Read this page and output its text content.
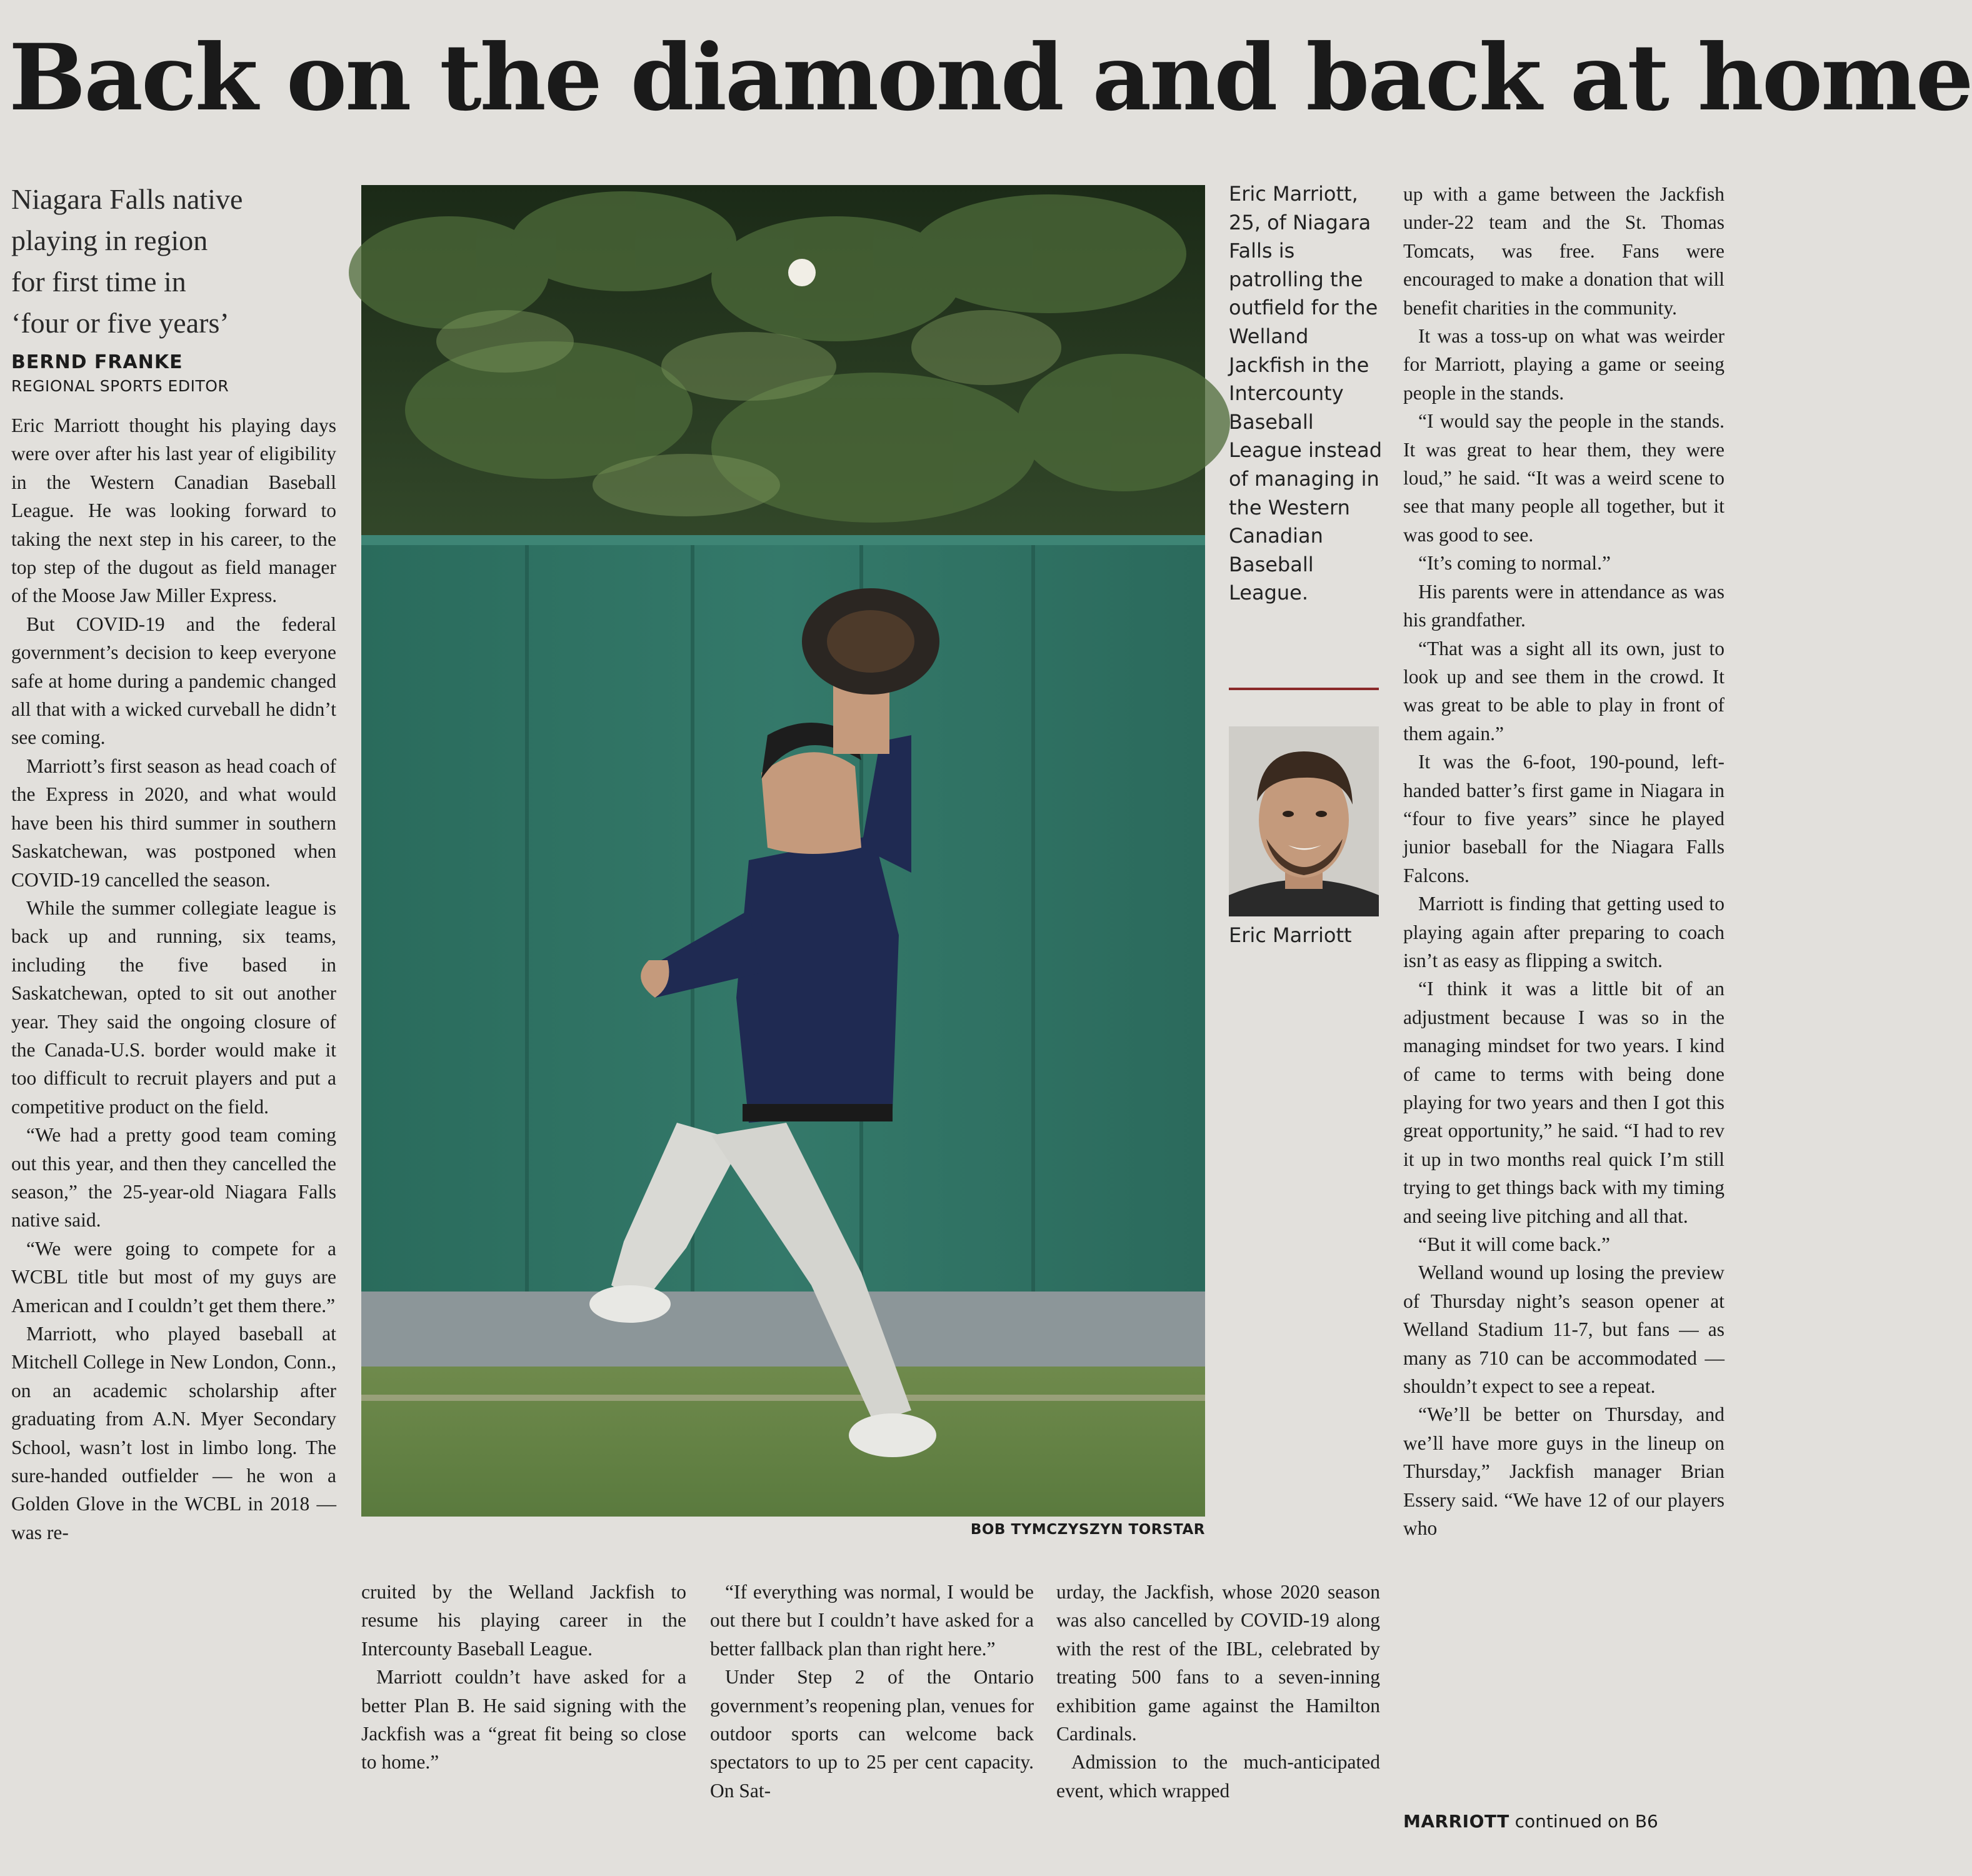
Back on the diamond and back at home
Niagara Falls native
playing in region
for first time in
‘four or five years’
BERND FRANKE
REGIONAL SPORTS EDITOR

Eric Marriott thought his playing days were over after his last year of eligibility in the Western Canadian Baseball League. He was looking forward to taking the next step in his career, to the top step of the dugout as field manager of the Moose Jaw Miller Express.

But COVID-19 and the federal government’s decision to keep everyone safe at home during a pandemic changed all that with a wicked curveball he didn’t see coming.

Marriott’s first season as head coach of the Express in 2020, and what would have been his third summer in southern Saskatchewan, was postponed when COVID-19 cancelled the season.

While the summer collegiate league is back up and running, six teams, including the five based in Saskatchewan, opted to sit out another year. They said the ongoing closure of the Canada-U.S. border would make it too difficult to recruit players and put a competitive product on the field.

“We had a pretty good team coming out this year, and then they cancelled the season,” the 25-year-old Niagara Falls native said.

“We were going to compete for a WCBL title but most of my guys are American and I couldn’t get them there.”

Marriott, who played baseball at Mitchell College in New London, Conn., on an academic scholarship after graduating from A.N. Myer Secondary School, wasn’t lost in limbo long. The sure-handed outfielder — he won a Golden Glove in the WCBL in 2018 — was re-	BOB TYMCZYSZYN TORSTAR
Eric Marriott, 25, of Niagara Falls is patrolling the outfield for the Welland Jackfish in the Intercounty Baseball League instead of managing in the Western Canadian Baseball League.
Eric Marriott

up with a game between the Jackfish under-22 team and the St. Thomas Tomcats, was free. Fans were encouraged to make a donation that will benefit charities in the community.

It was a toss-up on what was weirder for Marriott, playing a game or seeing people in the stands.

“I would say the people in the stands. It was great to hear them, they were loud,” he said. “It was a weird scene to see that many people all together, but it was good to see.

“It’s coming to normal.”

His parents were in attendance as was his grandfather.

“That was a sight all its own, just to look up and see them in the crowd. It was great to be able to play in front of them again.”

It was the 6-foot, 190-pound, left-handed batter’s first game in Niagara in “four to five years” since he played junior baseball for the Niagara Falls Falcons.

Marriott is finding that getting used to playing again after preparing to coach isn’t as easy as flipping a switch.

“I think it was a little bit of an adjustment because I was so in the managing mindset for two years. I kind of came to terms with being done playing for two years and then I got this great opportunity,” he said. “I had to rev it up in two months real quick I’m still trying to get things back with my timing and seeing live pitching and all that.

“But it will come back.”

Welland wound up losing the preview of Thursday night’s season opener at Welland Stadium 11-7, but fans — as many as 710 can be accommodated — shouldn’t expect to see a repeat.

“We’ll be better on Thursday, and we’ll have more guys in the lineup on Thursday,” Jackfish manager Brian Essery said. “We have 12 of our players who

cruited by the Welland Jackfish to resume his playing career in the Intercounty Baseball League.

Marriott couldn’t have asked for a better Plan B. He said signing with the Jackfish was a “great fit being so close to home.”

“If everything was normal, I would be out there but I couldn’t have asked for a better fallback plan than right here.”

Under Step 2 of the Ontario government’s reopening plan, venues for outdoor sports can welcome back spectators to up to 25 per cent capacity. On Sat-

urday, the Jackfish, whose 2020 season was also cancelled by COVID-19 along with the rest of the IBL, celebrated by treating 500 fans to a seven-inning exhibition game against the Hamilton Cardinals.

Admission to the much-anticipated event, which wrapped

MARRIOTT continued on B6
